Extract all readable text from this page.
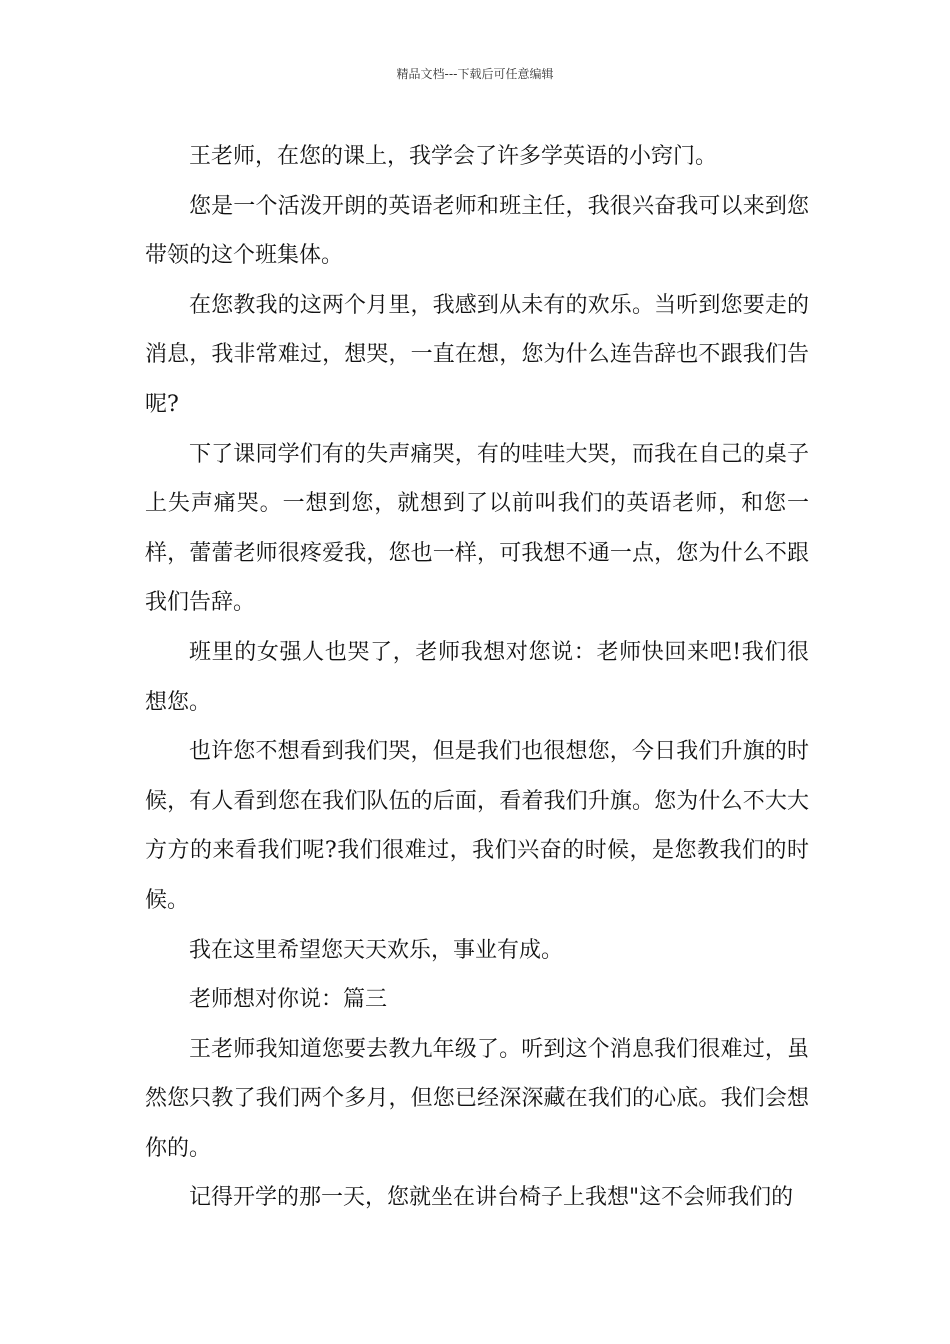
精品文档---下载后可任意编辑

王老师，在您的课上，我学会了许多学英语的小窍门。

您是一个活泼开朗的英语老师和班主任，我很兴奋我可以来到您带领的这个班集体。

在您教我的这两个月里，我感到从未有的欢乐。当听到您要走的消息，我非常难过，想哭，一直在想，您为什么连告辞也不跟我们告呢?

下了课同学们有的失声痛哭，有的哇哇大哭，而我在自己的桌子上失声痛哭。一想到您，就想到了以前叫我们的英语老师，和您一样，蕾蕾老师很疼爱我，您也一样，可我想不通一点，您为什么不跟我们告辞。

班里的女强人也哭了，老师我想对您说：老师快回来吧!我们很想您。

也许您不想看到我们哭，但是我们也很想您，今日我们升旗的时候，有人看到您在我们队伍的后面，看着我们升旗。您为什么不大大方方的来看我们呢?我们很难过，我们兴奋的时候，是您教我们的时候。

我在这里希望您天天欢乐，事业有成。

老师想对你说：篇三

王老师我知道您要去教九年级了。听到这个消息我们很难过，虽然您只教了我们两个多月，但您已经深深藏在我们的心底。我们会想你的。

记得开学的那一天，您就坐在讲台椅子上我想"这不会师我们的
